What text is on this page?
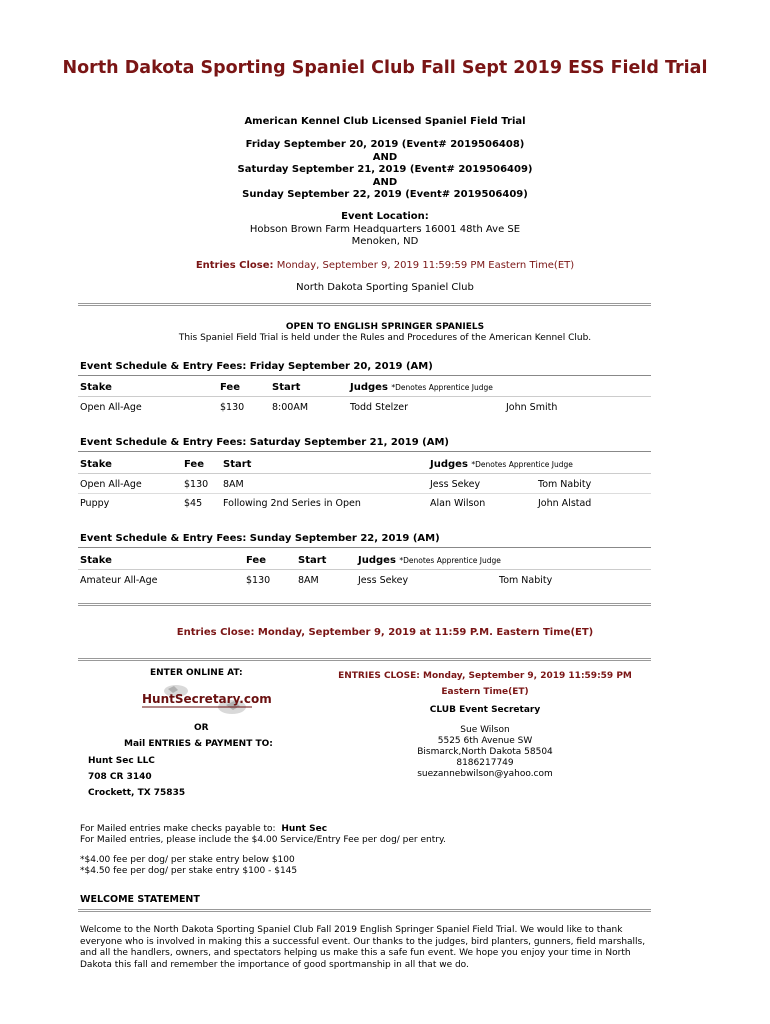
North Dakota Sporting Spaniel Club Fall Sept 2019 ESS Field Trial
American Kennel Club Licensed Spaniel Field Trial
Friday September 20, 2019 (Event# 2019506408)
AND
Saturday September 21, 2019 (Event# 2019506409)
AND
Sunday September 22, 2019 (Event# 2019506409)
Event Location:
Hobson Brown Farm Headquarters 16001 48th Ave SE
Menoken, ND
Entries Close: Monday, September 9, 2019 11:59:59 PM Eastern Time(ET)
North Dakota Sporting Spaniel Club
OPEN TO ENGLISH SPRINGER SPANIELS
This Spaniel Field Trial is held under the Rules and Procedures of the American Kennel Club.
Event Schedule & Entry Fees: Friday September 20, 2019 (AM)
Stake	Fee	Start	Judges *Denotes Apprentice Judge
Open All-Age	$130	8:00AM	Todd Stelzer	John Smith
Event Schedule & Entry Fees: Saturday September 21, 2019 (AM)
Stake	Fee Start	Judges *Denotes Apprentice Judge
Open All-Age	$130 8AM	Jess Sekey	Tom Nabity
Puppy	$45 Following 2nd Series in Open	Alan Wilson	John Alstad
Event Schedule & Entry Fees: Sunday September 22, 2019 (AM)
Stake	Fee	Start	Judges *Denotes Apprentice Judge
Amateur All-Age	$130	8AM	Jess Sekey	Tom Nabity
Entries Close: Monday, September 9, 2019 at 11:59 P.M. Eastern Time(ET)
ENTER ONLINE AT:
HuntSecretary.com
OR
Mail ENTRIES & PAYMENT TO:
Hunt Sec LLC
708 CR 3140
Crockett, TX 75835
ENTRIES CLOSE: Monday, September 9, 2019 11:59:59 PM
Eastern Time(ET)
CLUB Event Secretary
Sue Wilson
5525 6th Avenue SW
Bismarck,North Dakota 58504
8186217749
suezannebwilson@yahoo.com
For Mailed entries make checks payable to: Hunt Sec
For Mailed entries, please include the $4.00 Service/Entry Fee per dog/ per entry.
*$4.00 fee per dog/ per stake entry below $100
*$4.50 fee per dog/ per stake entry $100 - $145
WELCOME STATEMENT
Welcome to the North Dakota Sporting Spaniel Club Fall 2019 English Springer Spaniel Field Trial. We would like to thank everyone who is involved in making this a successful event. Our thanks to the judges, bird planters, gunners, field marshalls, and all the handlers, owners, and spectators helping us make this a safe fun event. We hope you enjoy your time in North Dakota this fall and remember the importance of good sportmanship in all that we do.
